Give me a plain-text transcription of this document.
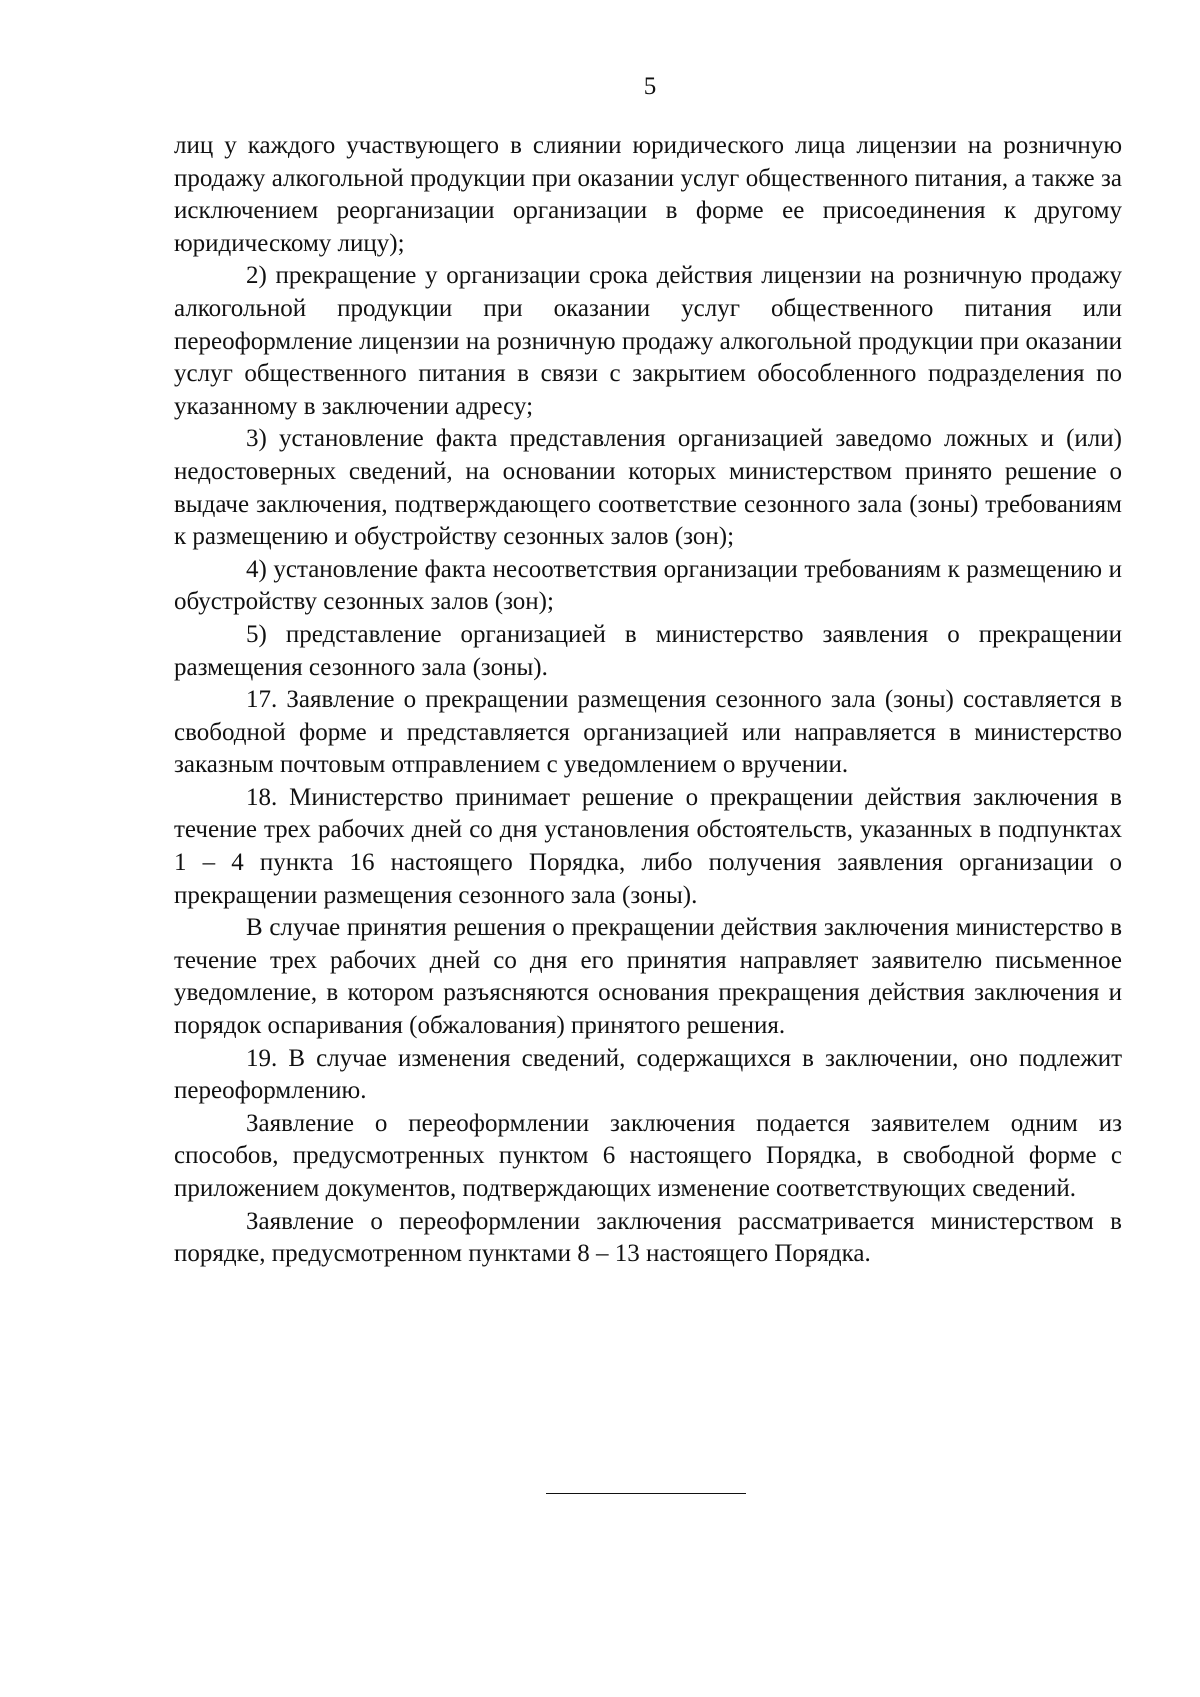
5

лиц у каждого участвующего в слиянии юридического лица лицензии на розничную продажу алкогольной продукции при оказании услуг общественного питания, а также за исключением реорганизации организации в форме ее присоединения к другому юридическому лицу);

2) прекращение у организации срока действия лицензии на розничную продажу алкогольной продукции при оказании услуг общественного питания или переоформление лицензии на розничную продажу алкогольной продукции при оказании услуг общественного питания в связи с закрытием обособленного подразделения по указанному в заключении адресу;

3) установление факта представления организацией заведомо ложных и (или) недостоверных сведений, на основании которых министерством принято решение о выдаче заключения, подтверждающего соответствие сезонного зала (зоны) требованиям к размещению и обустройству сезонных залов (зон);

4) установление факта несоответствия организации требованиям к размещению и обустройству сезонных залов (зон);

5) представление организацией в министерство заявления о прекращении размещения сезонного зала (зоны).

17. Заявление о прекращении размещения сезонного зала (зоны) составляется в свободной форме и представляется организацией или направляется в министерство заказным почтовым отправлением с уведомлением о вручении.

18. Министерство принимает решение о прекращении действия заключения в течение трех рабочих дней со дня установления обстоятельств, указанных в подпунктах 1 – 4 пункта 16 настоящего Порядка, либо получения заявления организации о прекращении размещения сезонного зала (зоны).

В случае принятия решения о прекращении действия заключения министерство в течение трех рабочих дней со дня его принятия направляет заявителю письменное уведомление, в котором разъясняются основания прекращения действия заключения и порядок оспаривания (обжалования) принятого решения.

19. В случае изменения сведений, содержащихся в заключении, оно подлежит переоформлению.

Заявление о переоформлении заключения подается заявителем одним из способов, предусмотренных пунктом 6 настоящего Порядка, в свободной форме с приложением документов, подтверждающих изменение соответствующих сведений.

Заявление о переоформлении заключения рассматривается министерством в порядке, предусмотренном пунктами 8 – 13 настоящего Порядка.
